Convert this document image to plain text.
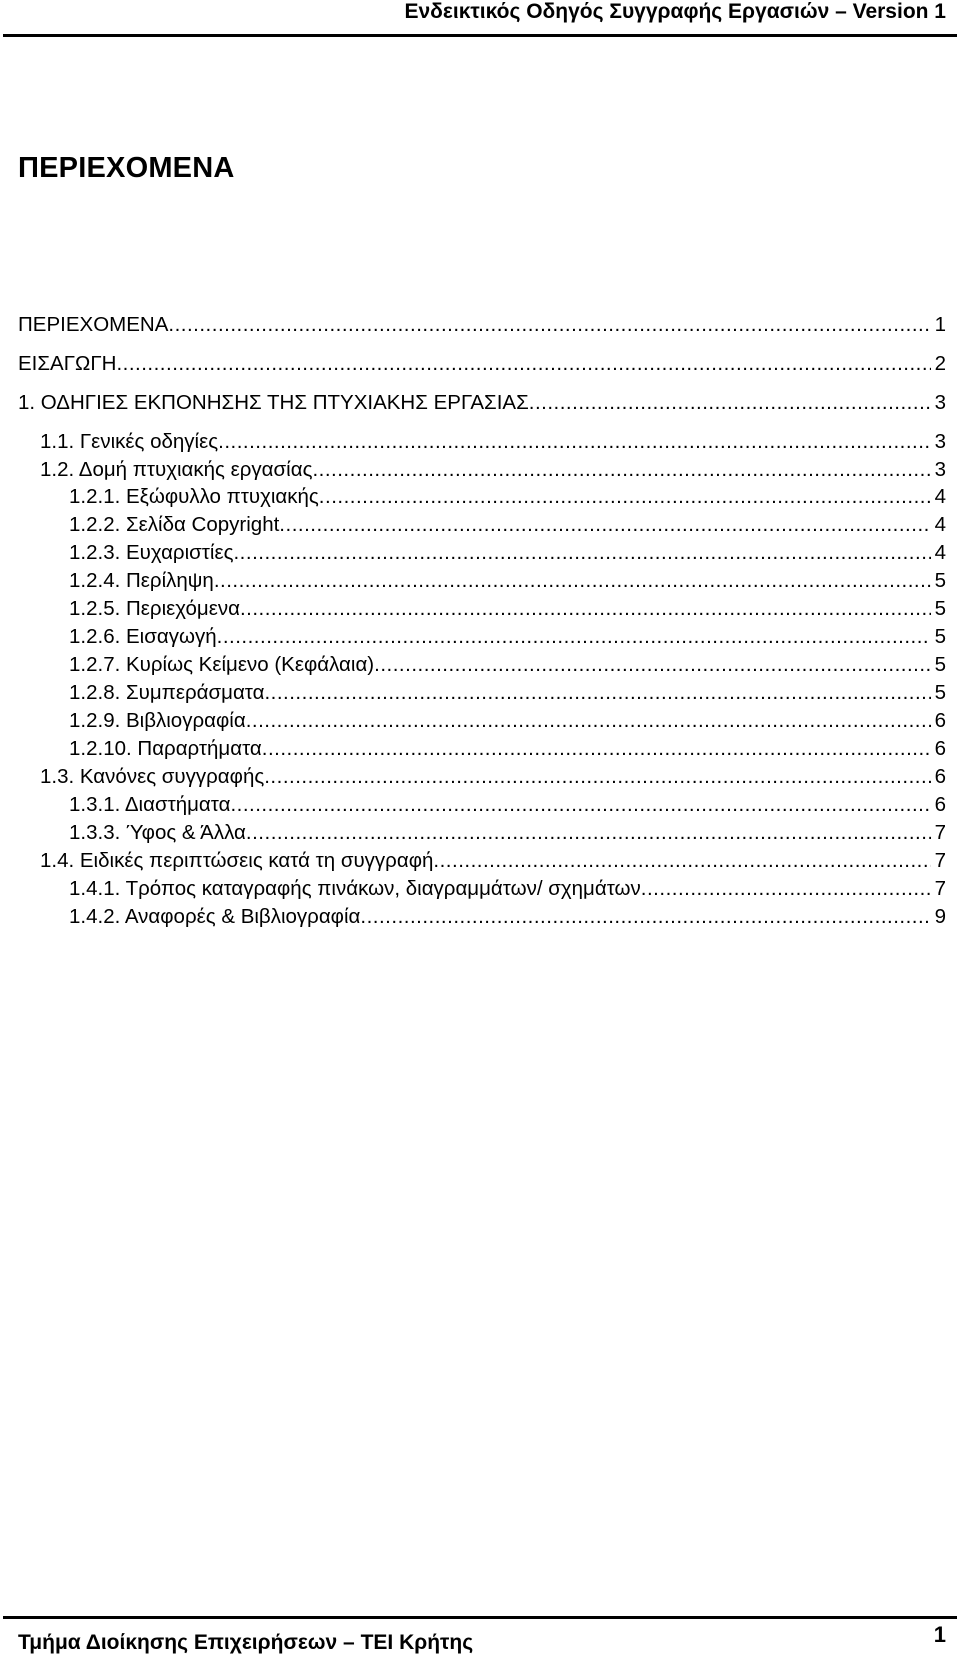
Ενδεικτικός Οδηγός Συγγραφής Εργασιών – Version 1
ΠΕΡΙΕΧΟΜΕΝΑ
ΠΕΡΙΕΧΟΜΕΝΑ .....	1
ΕΙΣΑΓΩΓΗ .....	2
1. ΟΔΗΓΙΕΣ ΕΚΠΟΝΗΣΗΣ ΤΗΣ ΠΤΥΧΙΑΚΗΣ ΕΡΓΑΣΙΑΣ .....	3
1.1. Γενικές οδηγίες .....	3
1.2. Δομή πτυχιακής εργασίας .....	3
1.2.1. Εξώφυλλο πτυχιακής .....	4
1.2.2. Σελίδα Copyright .....	4
1.2.3. Ευχαριστίες .....	4
1.2.4. Περίληψη .....	5
1.2.5. Περιεχόμενα .....	5
1.2.6. Εισαγωγή .....	5
1.2.7. Κυρίως Κείμενο (Κεφάλαια) .....	5
1.2.8. Συμπεράσματα .....	5
1.2.9. Βιβλιογραφία .....	6
1.2.10. Παραρτήματα .....	6
1.3. Κανόνες συγγραφής .....	6
1.3.1. Διαστήματα .....	6
1.3.3. Ύφος & Άλλα .....	7
1.4. Ειδικές περιπτώσεις κατά τη συγγραφή .....	7
1.4.1. Τρόπος καταγραφής πινάκων, διαγραμμάτων/ σχημάτων .....	7
1.4.2. Αναφορές & Βιβλιογραφία .....	9
Τμήμα Διοίκησης Επιχειρήσεων – ΤΕΙ Κρήτης	1
